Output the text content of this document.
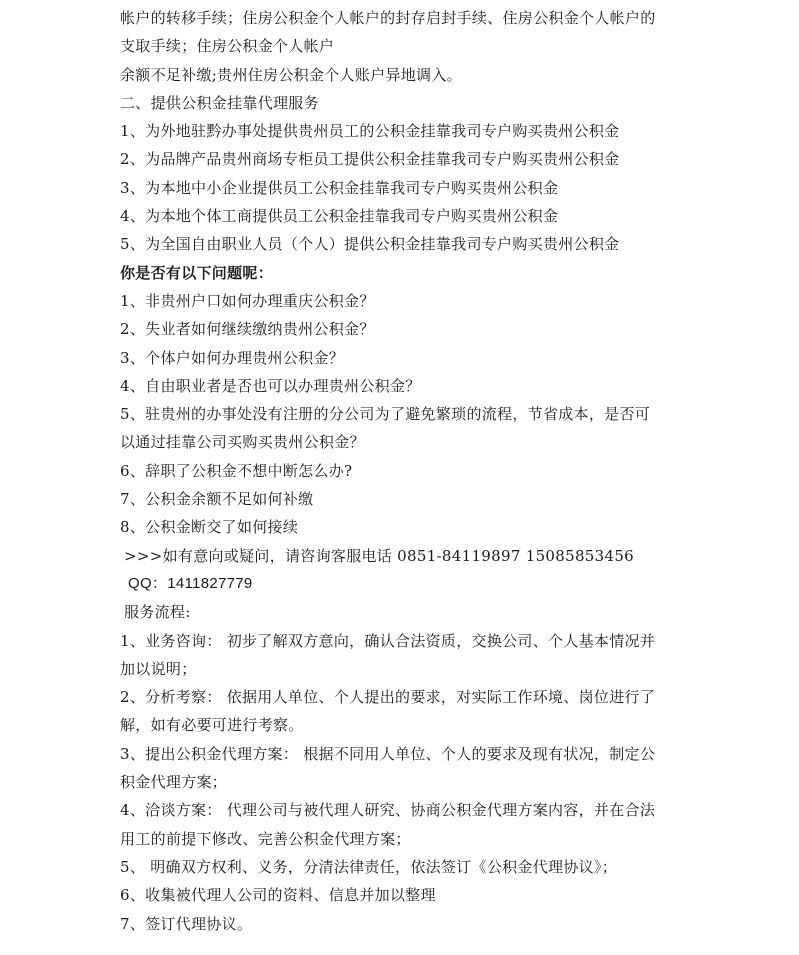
帐户的转移手续；住房公积金个人帐户的封存启封手续、住房公积金个人帐户的
支取手续；住房公积金个人帐户
余额不足补缴;贵州住房公积金个人账户异地调入。
二、提供公积金挂靠代理服务
1、为外地驻黔办事处提供贵州员工的公积金挂靠我司专户购买贵州公积金
2、为品牌产品贵州商场专柜员工提供公积金挂靠我司专户购买贵州公积金
3、为本地中小企业提供员工公积金挂靠我司专户购买贵州公积金
4、为本地个体工商提供员工公积金挂靠我司专户购买贵州公积金
5、为全国自由职业人员（个人）提供公积金挂靠我司专户购买贵州公积金
你是否有以下问题呢：
1、非贵州户口如何办理重庆公积金？
2、失业者如何继续缴纳贵州公积金？
3、个体户如何办理贵州公积金？
4、自由职业者是否也可以办理贵州公积金？
5、驻贵州的办事处没有注册的分公司为了避免繁琐的流程，节省成本，是否可
以通过挂靠公司买购买贵州公积金？
6、辞职了公积金不想中断怎么办?
7、公积金余额不足如何补缴
8、公积金断交了如何接续
>>>如有意向或疑问，请咨询客服电话 0851-84119897 15085853456
QQ：1411827779
服务流程:
1、业务咨询： 初步了解双方意向，确认合法资质，交换公司、个人基本情况并
加以说明；
2、分析考察： 依据用人单位、个人提出的要求，对实际工作环境、岗位进行了
解，如有必要可进行考察。
3、提出公积金代理方案： 根据不同用人单位、个人的要求及现有状况，制定公
积金代理方案；
4、洽谈方案： 代理公司与被代理人研究、协商公积金代理方案内容，并在合法
用工的前提下修改、完善公积金代理方案；
5、 明确双方权利、义务，分清法律责任，依法签订《公积金代理协议》；
6、收集被代理人公司的资料、信息并加以整理
7、签订代理协议。
